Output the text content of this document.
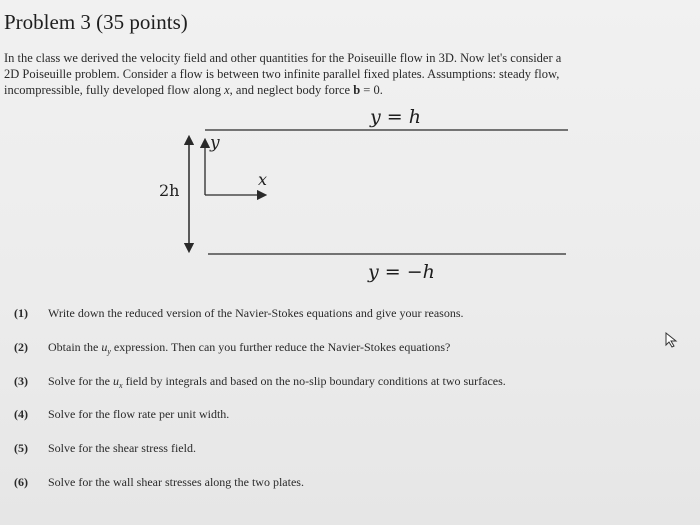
Problem 3 (35 points)
In the class we derived the velocity field and other quantities for the Poiseuille flow in 3D. Now let's consider a
2D Poiseuille problem. Consider a flow is between two infinite parallel fixed plates. Assumptions: steady flow,
incompressible, fully developed flow along x, and neglect body force b = 0.
y = h
y = −h
2h
y
x
(1) Write down the reduced version of the Navier-Stokes equations and give your reasons.
(2) Obtain the $u_y$ expression. Then can you further reduce the Navier-Stokes equations?
(3) Solve for the $u_x$ field by integrals and based on the no-slip boundary conditions at two surfaces.
(4) Solve for the flow rate per unit width.
(5) Solve for the shear stress field.
(6) Solve for the wall shear stresses along the two plates.
